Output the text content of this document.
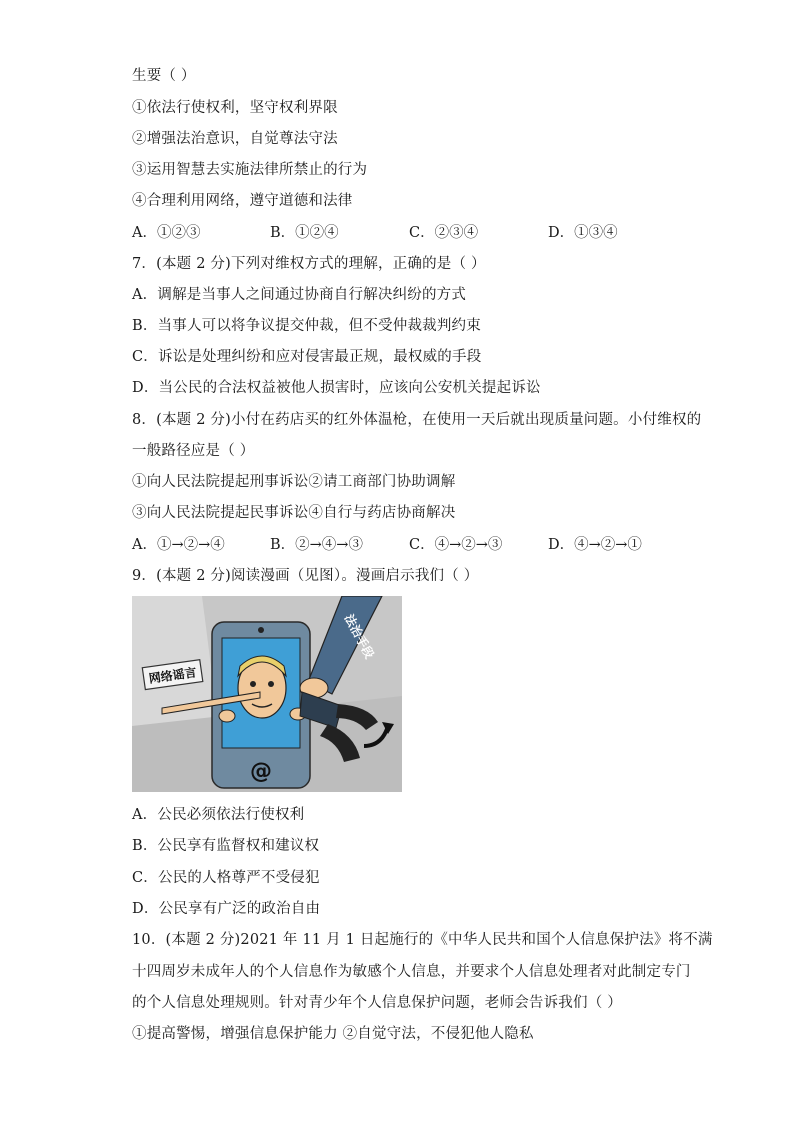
生要（ ）
①依法行使权利，坚守权利界限
②增强法治意识，自觉尊法守法
③运用智慧去实施法律所禁止的行为
④合理利用网络，遵守道德和法律
A．①②③	B．①②④	C．②③④	D．①③④
7．(本题 2 分)下列对维权方式的理解，正确的是（ ）
A．调解是当事人之间通过协商自行解决纠纷的方式
B．当事人可以将争议提交仲裁，但不受仲裁裁判约束
C．诉讼是处理纠纷和应对侵害最正规，最权威的手段
D．当公民的合法权益被他人损害时，应该向公安机关提起诉讼
8．(本题 2 分)小付在药店买的红外体温枪，在使用一天后就出现质量问题。小付维权的
一般路径应是（ ）
①向人民法院提起刑事诉讼②请工商部门协助调解
③向人民法院提起民事诉讼④自行与药店协商解决
A．①→②→④	B．②→④→③	C．④→②→③	D．④→②→①
9．(本题 2 分)阅读漫画（见图）。漫画启示我们（ ）
网络谣言
@
法治手段
A．公民必须依法行使权利
B．公民享有监督权和建议权
C．公民的人格尊严不受侵犯
D．公民享有广泛的政治自由
10．(本题 2 分)2021 年 11 月 1 日起施行的《中华人民共和国个人信息保护法》将不满
十四周岁未成年人的个人信息作为敏感个人信息，并要求个人信息处理者对此制定专门
的个人信息处理规则。针对青少年个人信息保护问题，老师会告诉我们（ ）
①提高警惕，增强信息保护能力 ②自觉守法，不侵犯他人隐私
